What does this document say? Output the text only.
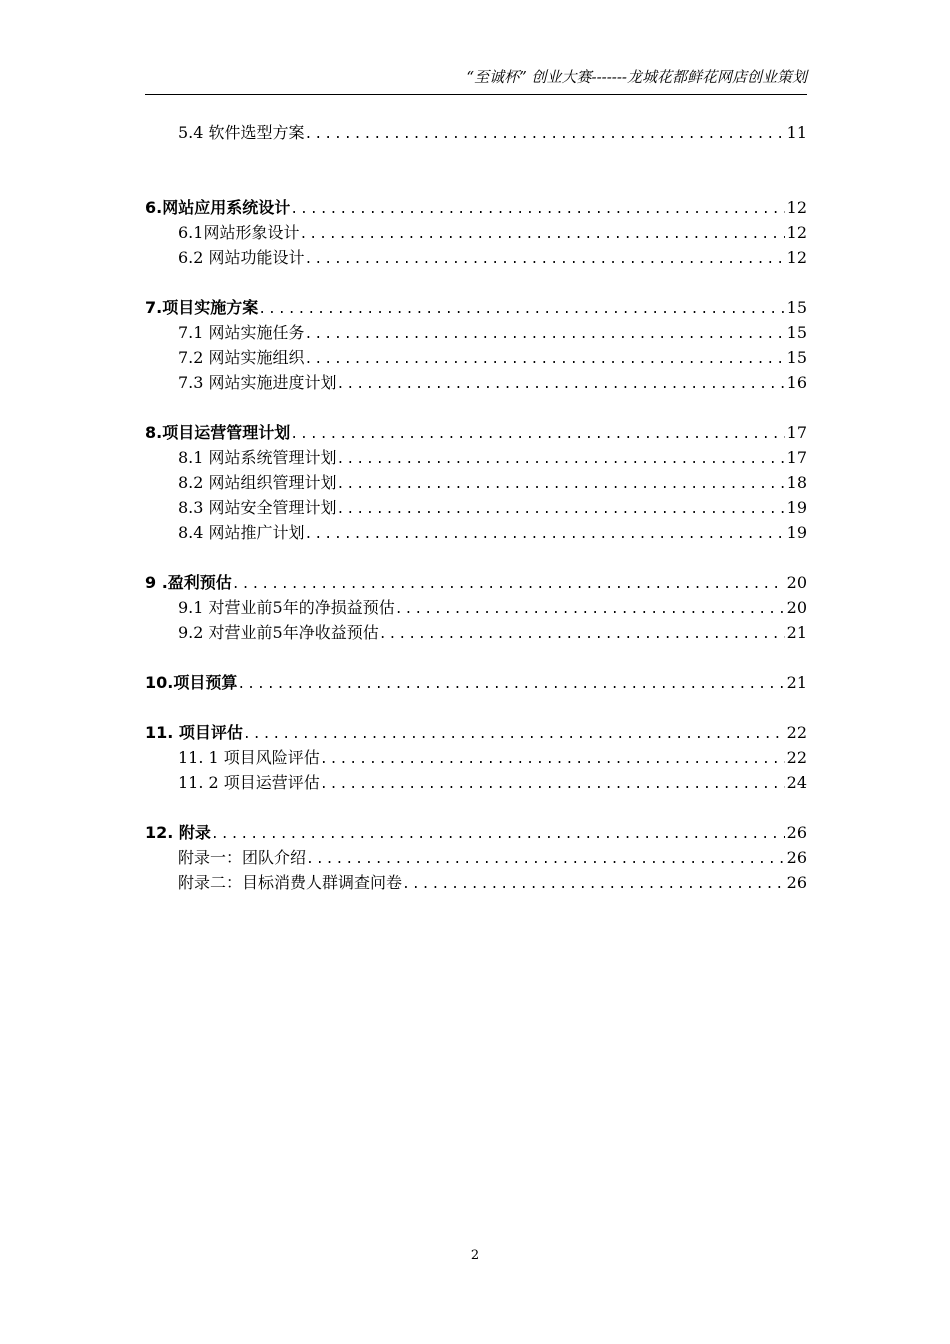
“至诚杯” 创业大赛-------龙城花都鲜花网店创业策划
5.4 软件选型方案 .....	11
6.网站应用系统设计 .....	12
6.1网站形象设计 .....	12
6.2 网站功能设计 .....	12
7.项目实施方案 .....	15
7.1 网站实施任务 .....	15
7.2 网站实施组织 .....	15
7.3 网站实施进度计划 .....	16
8.项目运营管理计划 .....	17
8.1 网站系统管理计划 .....	17
8.2 网站组织管理计划 .....	18
8.3 网站安全管理计划 .....	19
8.4 网站推广计划 .....	19
9 .盈利预估 .....	20
9.1 对营业前5年的净损益预估 .....	20
9.2 对营业前5年净收益预估 .....	21
10.项目预算 .....	21
11. 项目评估 .....	22
11. 1 项目风险评估 .....	22
11. 2 项目运营评估 .....	24
12. 附录 .....	26
附录一：团队介绍 .....	26
附录二：目标消费人群调查问卷 .....	26
2
